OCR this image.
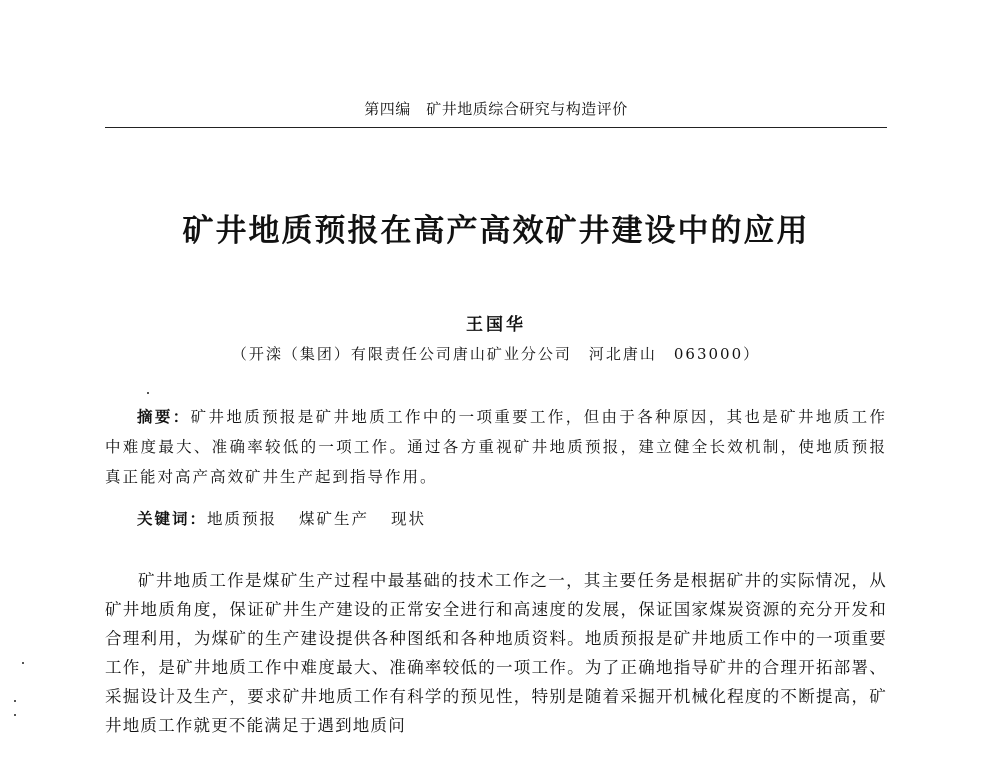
第四编　矿井地质综合研究与构造评价
矿井地质预报在高产高效矿井建设中的应用
王国华
（开滦（集团）有限责任公司唐山矿业分公司　河北唐山　063000）
摘要：矿井地质预报是矿井地质工作中的一项重要工作，但由于各种原因，其也是矿井地质工作中难度最大、准确率较低的一项工作。通过各方重视矿井地质预报，建立健全长效机制，使地质预报真正能对高产高效矿井生产起到指导作用。
关键词：地质预报 煤矿生产 现状
矿井地质工作是煤矿生产过程中最基础的技术工作之一，其主要任务是根据矿井的实际情况，从矿井地质角度，保证矿井生产建设的正常安全进行和高速度的发展，保证国家煤炭资源的充分开发和合理利用，为煤矿的生产建设提供各种图纸和各种地质资料。地质预报是矿井地质工作中的一项重要工作，是矿井地质工作中难度最大、准确率较低的一项工作。为了正确地指导矿井的合理开拓部署、采掘设计及生产，要求矿井地质工作有科学的预见性，特别是随着采掘开机械化程度的不断提高，矿井地质工作就更不能满足于遇到地质问
